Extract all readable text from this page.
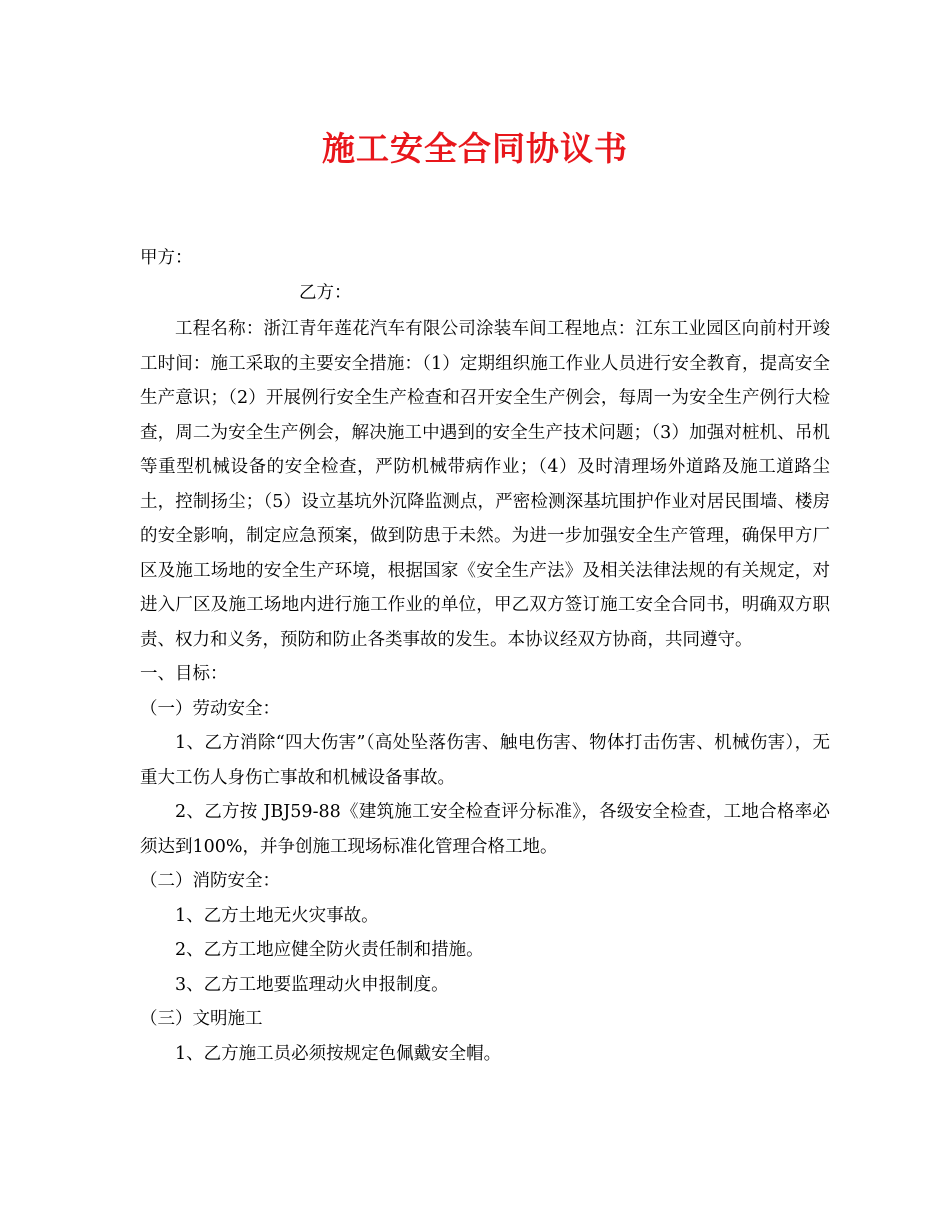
施工安全合同协议书

甲方：

乙方：

工程名称：浙江青年莲花汽车有限公司涂装车间工程地点：江东工业园区向前村开竣工时间：施工采取的主要安全措施：（1）定期组织施工作业人员进行安全教育，提高安全生产意识；（2）开展例行安全生产检查和召开安全生产例会，每周一为安全生产例行大检查，周二为安全生产例会，解决施工中遇到的安全生产技术问题；（3）加强对桩机、吊机等重型机械设备的安全检查，严防机械带病作业；（4）及时清理场外道路及施工道路尘土，控制扬尘；（5）设立基坑外沉降监测点，严密检测深基坑围护作业对居民围墙、楼房的安全影响，制定应急预案，做到防患于未然。为进一步加强安全生产管理，确保甲方厂区及施工场地的安全生产环境，根据国家《安全生产法》及相关法律法规的有关规定，对进入厂区及施工场地内进行施工作业的单位，甲乙双方签订施工安全合同书，明确双方职责、权力和义务，预防和防止各类事故的发生。本协议经双方协商，共同遵守。

一、目标：

（一）劳动安全：

1、乙方消除“四大伤害”（高处坠落伤害、触电伤害、物体打击伤害、机械伤害），无重大工伤人身伤亡事故和机械设备事故。

2、乙方按 JBJ59-88《建筑施工安全检查评分标准》，各级安全检查，工地合格率必须达到100%，并争创施工现场标准化管理合格工地。

（二）消防安全：

1、乙方土地无火灾事故。

2、乙方工地应健全防火责任制和措施。

3、乙方工地要监理动火申报制度。

（三）文明施工

1、乙方施工员必须按规定色佩戴安全帽。
